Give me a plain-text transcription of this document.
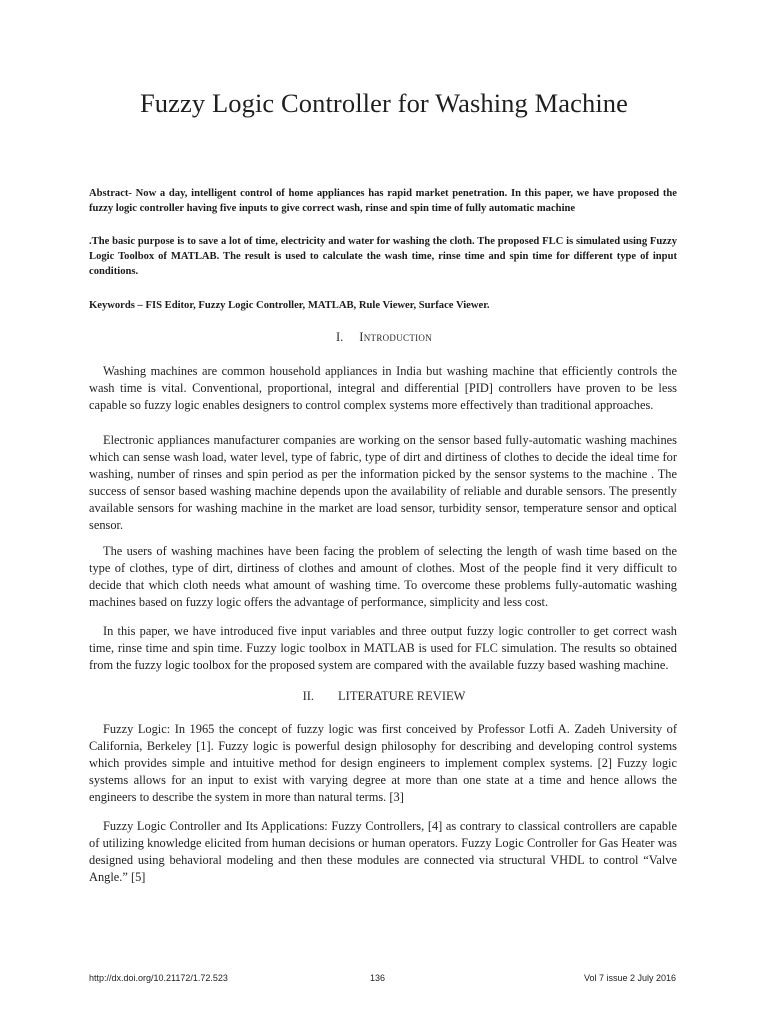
Fuzzy Logic Controller for Washing Machine
Abstract- Now a day, intelligent control of home appliances has rapid market penetration. In this paper, we have proposed the fuzzy logic controller having five inputs to give correct wash, rinse and spin time of fully automatic machine
.The basic purpose is to save a lot of time, electricity and water for washing the cloth. The proposed FLC is simulated using Fuzzy Logic Toolbox of MATLAB. The result is used to calculate the wash time, rinse time and spin time for different type of input conditions.
Keywords – FIS Editor, Fuzzy Logic Controller, MATLAB, Rule Viewer, Surface Viewer.
I. Introduction
Washing machines are common household appliances in India but washing machine that efficiently controls the wash time is vital. Conventional, proportional, integral and differential [PID] controllers have proven to be less capable so fuzzy logic enables designers to control complex systems more effectively than traditional approaches.
Electronic appliances manufacturer companies are working on the sensor based fully-automatic washing machines which can sense wash load, water level, type of fabric, type of dirt and dirtiness of clothes to decide the ideal time for washing, number of rinses and spin period as per the information picked by the sensor systems to the machine . The success of sensor based washing machine depends upon the availability of reliable and durable sensors. The presently available sensors for washing machine in the market are load sensor, turbidity sensor, temperature sensor and optical sensor.
The users of washing machines have been facing the problem of selecting the length of wash time based on the type of clothes, type of dirt, dirtiness of clothes and amount of clothes. Most of the people find it very difficult to decide that which cloth needs what amount of washing time. To overcome these problems fully-automatic washing machines based on fuzzy logic offers the advantage of performance, simplicity and less cost.
In this paper, we have introduced five input variables and three output fuzzy logic controller to get correct wash time, rinse time and spin time. Fuzzy logic toolbox in MATLAB is used for FLC simulation. The results so obtained from the fuzzy logic toolbox for the proposed system are compared with the available fuzzy based washing machine.
II. LITERATURE REVIEW
Fuzzy Logic: In 1965 the concept of fuzzy logic was first conceived by Professor Lotfi A. Zadeh University of California, Berkeley [1]. Fuzzy logic is powerful design philosophy for describing and developing control systems which provides simple and intuitive method for design engineers to implement complex systems. [2] Fuzzy logic systems allows for an input to exist with varying degree at more than one state at a time and hence allows the engineers to describe the system in more than natural terms. [3]
Fuzzy Logic Controller and Its Applications: Fuzzy Controllers, [4] as contrary to classical controllers are capable of utilizing knowledge elicited from human decisions or human operators. Fuzzy Logic Controller for Gas Heater was designed using behavioral modeling and then these modules are connected via structural VHDL to control “Valve Angle.” [5]
http://dx.doi.org/10.21172/1.72.523	136	Vol 7 issue 2 July 2016
